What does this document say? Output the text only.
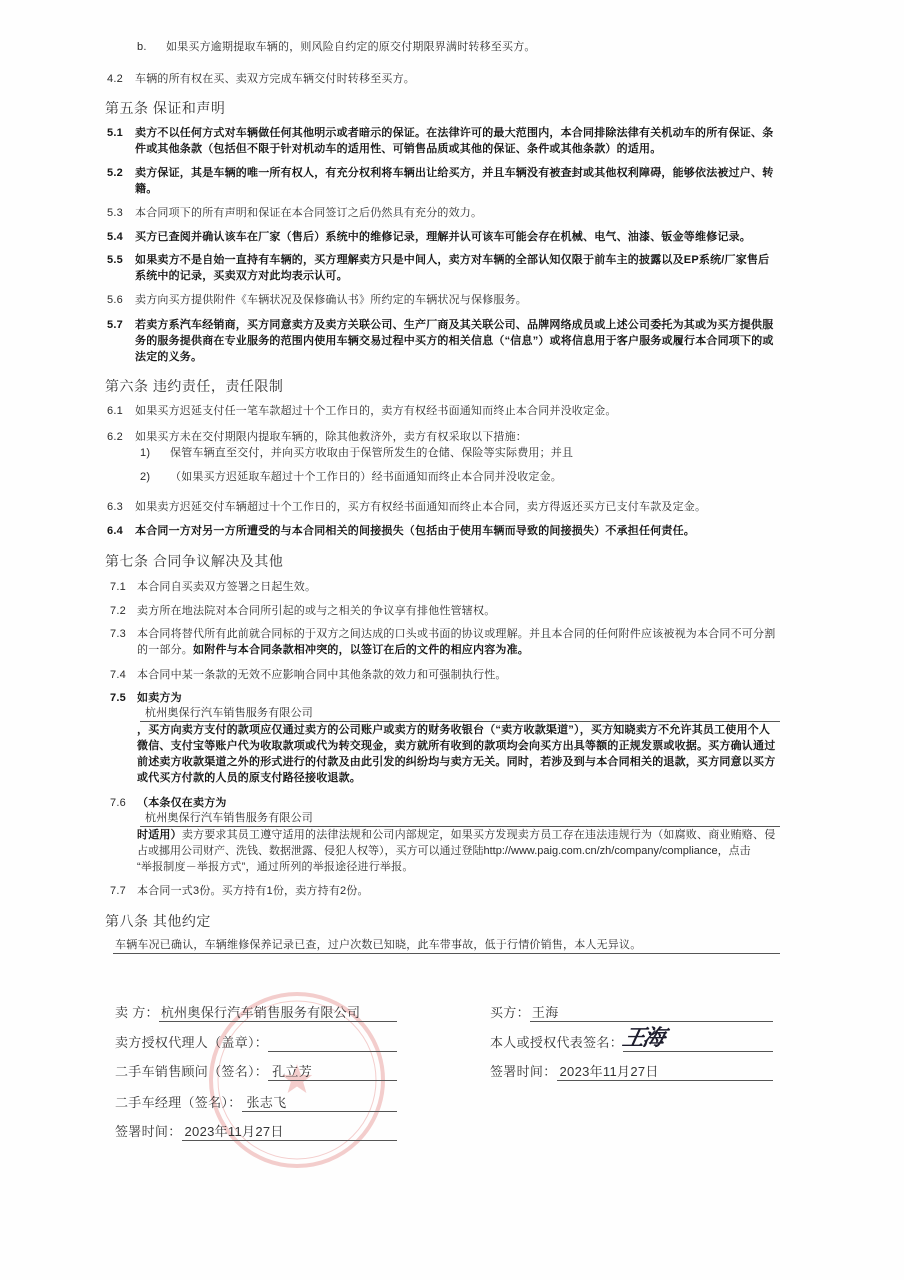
b. 如果买方逾期提取车辆的，则风险自约定的原交付期限界满时转移至买方。
4.2 车辆的所有权在买、卖双方完成车辆交付时转移至买方。
第五条 保证和声明
5.1 卖方不以任何方式对车辆做任何其他明示或者暗示的保证。在法律许可的最大范围内，本合同排除法律有关机动车的所有保证、条
件或其他条款（包括但不限于针对机动车的适用性、可销售品质或其他的保证、条件或其他条款）的适用。
5.2 卖方保证，其是车辆的唯一所有权人，有充分权利将车辆出让给买方，并且车辆没有被查封或其他权利障碍，能够依法被过户、转
籍。
5.3 本合同项下的所有声明和保证在本合同签订之后仍然具有充分的效力。
5.4 买方已查阅并确认该车在厂家（售后）系统中的维修记录，理解并认可该车可能会存在机械、电气、油漆、钣金等维修记录。
5.5 如果卖方不是自始一直持有车辆的，买方理解卖方只是中间人，卖方对车辆的全部认知仅限于前车主的披露以及EP系统/厂家售后
系统中的记录，买卖双方对此均表示认可。
5.6 卖方向买方提供附件《车辆状况及保修确认书》所约定的车辆状况与保修服务。
5.7 若卖方系汽车经销商，买方同意卖方及卖方关联公司、生产厂商及其关联公司、品牌网络成员或上述公司委托为其或为买方提供服
务的服务提供商在专业服务的范围内使用车辆交易过程中买方的相关信息（“信息”）或将信息用于客户服务或履行本合同项下的或
法定的义务。
第六条 违约责任，责任限制
6.1 如果买方迟延支付任一笔车款超过十个工作日的，卖方有权经书面通知而终止本合同并没收定金。
6.2 如果买方未在交付期限内提取车辆的，除其他救济外，卖方有权采取以下措施：
1) 保管车辆直至交付，并向买方收取由于保管所发生的仓储、保险等实际费用；并且
2) （如果买方迟延取车超过十个工作日的）经书面通知而终止本合同并没收定金。
6.3 如果卖方迟延交付车辆超过十个工作日的，买方有权经书面通知而终止本合同，卖方得返还买方已支付车款及定金。
6.4 本合同一方对另一方所遭受的与本合同相关的间接损失（包括由于使用车辆而导致的间接损失）不承担任何责任。
第七条 合同争议解决及其他
7.1 本合同自买卖双方签署之日起生效。
7.2 卖方所在地法院对本合同所引起的或与之相关的争议享有排他性管辖权。
7.3 本合同将替代所有此前就合同标的于双方之间达成的口头或书面的协议或理解。并且本合同的任何附件应该被视为本合同不可分割
的一部分。如附件与本合同条款相冲突的，以签订在后的文件的相应内容为准。
7.4 本合同中某一条款的无效不应影响合同中其他条款的效力和可强制执行性。
7.5 如卖方为
杭州奥保行汽车销售服务有限公司
，买方向卖方支付的款项应仅通过卖方的公司账户或卖方的财务收银台（“卖方收款渠道”），买方知晓卖方不允许其员工使用个人
微信、支付宝等账户代为收取款项或代为转交现金，卖方就所有收到的款项均会向买方出具等额的正规发票或收据。买方确认通过
前述卖方收款渠道之外的形式进行的付款及由此引发的纠纷均与卖方无关。同时，若涉及到与本合同相关的退款，买方同意以买方
或代买方付款的人员的原支付路径接收退款。
7.6 （本条仅在卖方为
杭州奥保行汽车销售服务有限公司
时适用）卖方要求其员工遵守适用的法律法规和公司内部规定，如果买方发现卖方员工存在违法违规行为（如腐败、商业贿赂、侵
占或挪用公司财产、洗钱、数据泄露、侵犯人权等），买方可以通过登陆http://www.paig.com.cn/zh/company/compliance，点击
“举报制度－举报方式”，通过所列的举报途径进行举报。
7.7 本合同一式3份。买方持有1份，卖方持有2份。
第八条 其他约定
车辆车况已确认，车辆维修保养记录已查，过户次数已知晓，此车带事故，低于行情价销售，本人无异议。
卖 方： 杭州奥保行汽车销售服务有限公司
卖方授权代理人（盖章）：
二手车销售顾问（签名）： 孔立芳
二手车经理（签名）： 张志飞
签署时间： 2023年11月27日
买方： 王海
本人或授权代表签名：
王海
签署时间： 2023年11月27日
